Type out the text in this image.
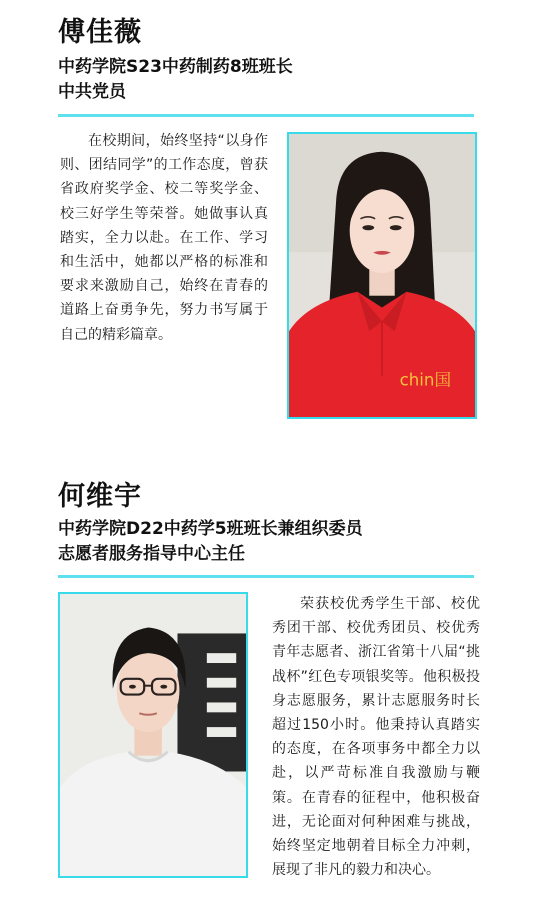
傅佳薇
中药学院S23中药制药8班班长
中共党员

在校期间，始终坚持“以身作则、团结同学”的工作态度，曾获省政府奖学金、校二等奖学金、校三好学生等荣誉。她做事认真踏实，全力以赴。在工作、学习和生活中，她都以严格的标准和要求来激励自己，始终在青春的道路上奋勇争先，努力书写属于自己的精彩篇章。

chin国
何维宇
中药学院D22中药学5班班长兼组织委员
志愿者服务指导中心主任

荣获校优秀学生干部、校优秀团干部、校优秀团员、校优秀青年志愿者、浙江省第十八届“挑战杯”红色专项银奖等。他积极投身志愿服务，累计志愿服务时长超过150小时。他秉持认真踏实的态度，在各项事务中都全力以赴，以严苛标准自我激励与鞭策。在青春的征程中，他积极奋进，无论面对何种困难与挑战，始终坚定地朝着目标全力冲刺，展现了非凡的毅力和决心。
